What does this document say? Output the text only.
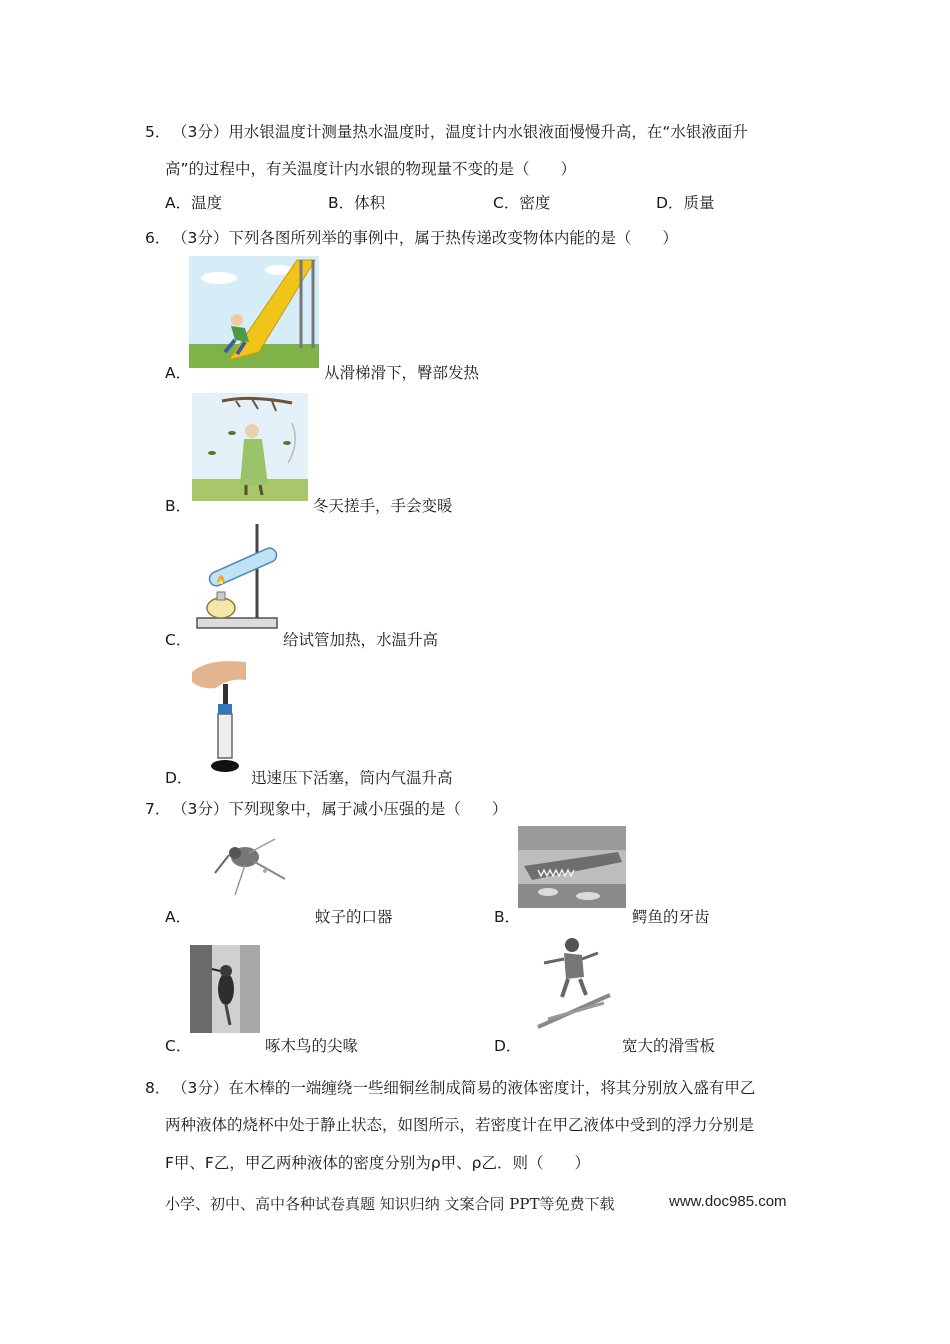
5． （3分）用水银温度计测量热水温度时，温度计内水银液面慢慢升高，在“水银液面升
高”的过程中，有关温度计内水银的物现量不变的是（　　）
A．温度	B．体积	C．密度	D．质量
6． （3分）下列各图所列举的事例中，属于热传递改变物体内能的是（　　）
A．	从滑梯滑下，臀部发热
B．	冬天搓手，手会变暖
C．	给试管加热，水温升高
D．	迅速压下活塞，筒内气温升高
7． （3分）下列现象中，属于减小压强的是（　　）
A．	蚊子的口器	B．	鳄鱼的牙齿
C．	啄木鸟的尖喙	D．	宽大的滑雪板
8． （3分）在木棒的一端缠绕一些细铜丝制成简易的液体密度计，将其分别放入盛有甲乙
两种液体的烧杯中处于静止状态，如图所示，若密度计在甲乙液体中受到的浮力分别是
F甲、F乙，甲乙两种液体的密度分别为ρ甲、ρ乙．则（　　）
小学、初中、高中各种试卷真题 知识归纳 文案合同 PPT等免费下载	www.doc985.com
